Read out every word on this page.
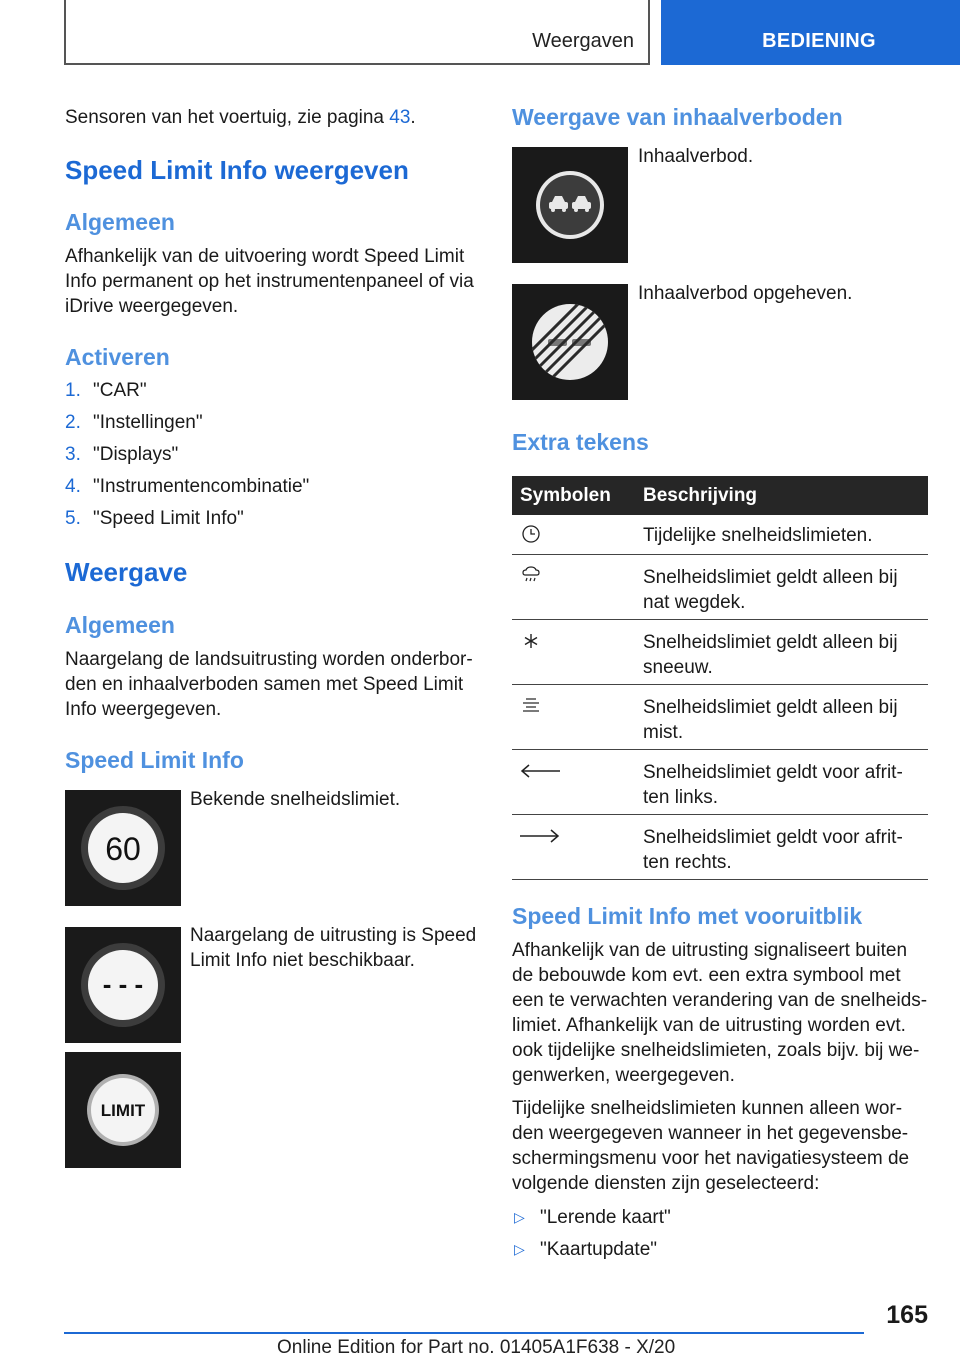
Weergaven	BEDIENING
Sensoren van het voertuig, zie pagina 43.
Speed Limit Info weergeven
Algemeen
Afhankelijk van de uitvoering wordt Speed Limit
Info permanent op het instrumentenpaneel of via
iDrive weergegeven.
Activeren
1. "CAR"
2. "Instellingen"
3. "Displays"
4. "Instrumentencombinatie"
5. "Speed Limit Info"
Weergave
Algemeen
Naargelang de landsuitrusting worden onderbor-
den en inhaalverboden samen met Speed Limit
Info weergegeven.
Speed Limit Info
60
Bekende snelheidslimiet.
- - -
Naargelang de uitrusting is Speed
Limit Info niet beschikbaar.
LIMIT
Weergave van inhaalverboden
Inhaalverbod.
Inhaalverbod opgeheven.
Extra tekens
Symbolen	Beschrijving

Tijdelijke snelheidslimieten.

Snelheidslimiet geldt alleen bij
nat wegdek.

Snelheidslimiet geldt alleen bij
sneeuw.

Snelheidslimiet geldt alleen bij
mist.

Snelheidslimiet geldt voor afrit-
ten links.

Snelheidslimiet geldt voor afrit-
ten rechts.
Speed Limit Info met vooruitblik
Afhankelijk van de uitrusting signaliseert buiten
de bebouwde kom evt. een extra symbool met
een te verwachten verandering van de snelheids-
limiet. Afhankelijk van de uitrusting worden evt.
ook tijdelijke snelheidslimieten, zoals bijv. bij we-
genwerken, weergegeven.
Tijdelijke snelheidslimieten kunnen alleen wor-
den weergegeven wanneer in het gegevensbe-
schermingsmenu voor het navigatiesysteem de
volgende diensten zijn geselecteerd:
▷ "Lerende kaart"
▷ "Kaartupdate"
165
Online Edition for Part no. 01405A1F638 - X/20
